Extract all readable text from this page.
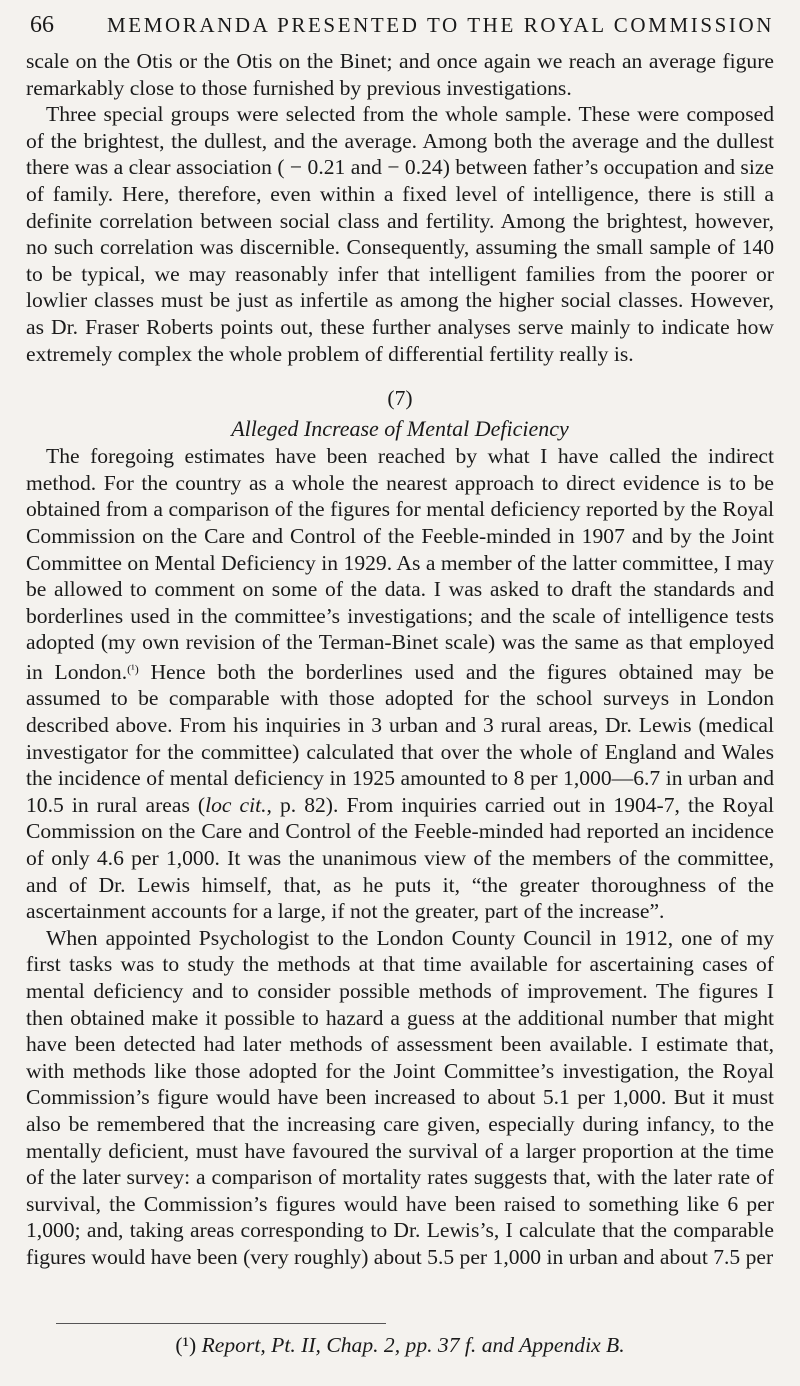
66	MEMORANDA PRESENTED TO THE ROYAL COMMISSION

scale on the Otis or the Otis on the Binet; and once again we reach an average figure remarkably close to those furnished by previous investigations.

Three special groups were selected from the whole sample. These were composed of the brightest, the dullest, and the average. Among both the average and the dullest there was a clear association ( − 0.21 and − 0.24) between father’s occupation and size of family. Here, therefore, even within a fixed level of intelligence, there is still a definite correlation between social class and fertility. Among the brightest, however, no such correlation was discernible. Consequently, assuming the small sample of 140 to be typical, we may reasonably infer that intelligent families from the poorer or lowlier classes must be just as infertile as among the higher social classes. However, as Dr. Fraser Roberts points out, these further analyses serve mainly to indicate how extremely complex the whole problem of differential fertility really is.

(7)
Alleged Increase of Mental Deficiency

The foregoing estimates have been reached by what I have called the indirect method. For the country as a whole the nearest approach to direct evidence is to be obtained from a comparison of the figures for mental deficiency reported by the Royal Commission on the Care and Control of the Feeble-minded in 1907 and by the Joint Committee on Mental Deficiency in 1929. As a member of the latter committee, I may be allowed to comment on some of the data. I was asked to draft the standards and borderlines used in the committee’s investigations; and the scale of intelligence tests adopted (my own revision of the Terman-Binet scale) was the same as that employed in London.$^{(^1)}$ Hence both the borderlines used and the figures obtained may be assumed to be comparable with those adopted for the school surveys in London described above. From his inquiries in 3 urban and 3 rural areas, Dr. Lewis (medical investigator for the committee) calculated that over the whole of England and Wales the incidence of mental deficiency in 1925 amounted to 8 per 1,000—6.7 in urban and 10.5 in rural areas (loc cit., p. 82). From inquiries carried out in 1904-7, the Royal Commission on the Care and Control of the Feeble-minded had reported an incidence of only 4.6 per 1,000. It was the unanimous view of the members of the committee, and of Dr. Lewis himself, that, as he puts it, “the greater thoroughness of the ascertainment accounts for a large, if not the greater, part of the increase”.

When appointed Psychologist to the London County Council in 1912, one of my first tasks was to study the methods at that time available for ascertaining cases of mental deficiency and to consider possible methods of improvement. The figures I then obtained make it possible to hazard a guess at the additional number that might have been detected had later methods of assessment been available. I estimate that, with methods like those adopted for the Joint Committee’s investigation, the Royal Commission’s figure would have been increased to about 5.1 per 1,000. But it must also be remembered that the increasing care given, especially during infancy, to the mentally deficient, must have favoured the survival of a larger proportion at the time of the later survey: a comparison of mortality rates suggests that, with the later rate of survival, the Commission’s figures would have been raised to something like 6 per 1,000; and, taking areas corresponding to Dr. Lewis’s, I calculate that the comparable figures would have been (very roughly) about 5.5 per 1,000 in urban and about 7.5 per

(¹) Report, Pt. II, Chap. 2, pp. 37 f. and Appendix B.
